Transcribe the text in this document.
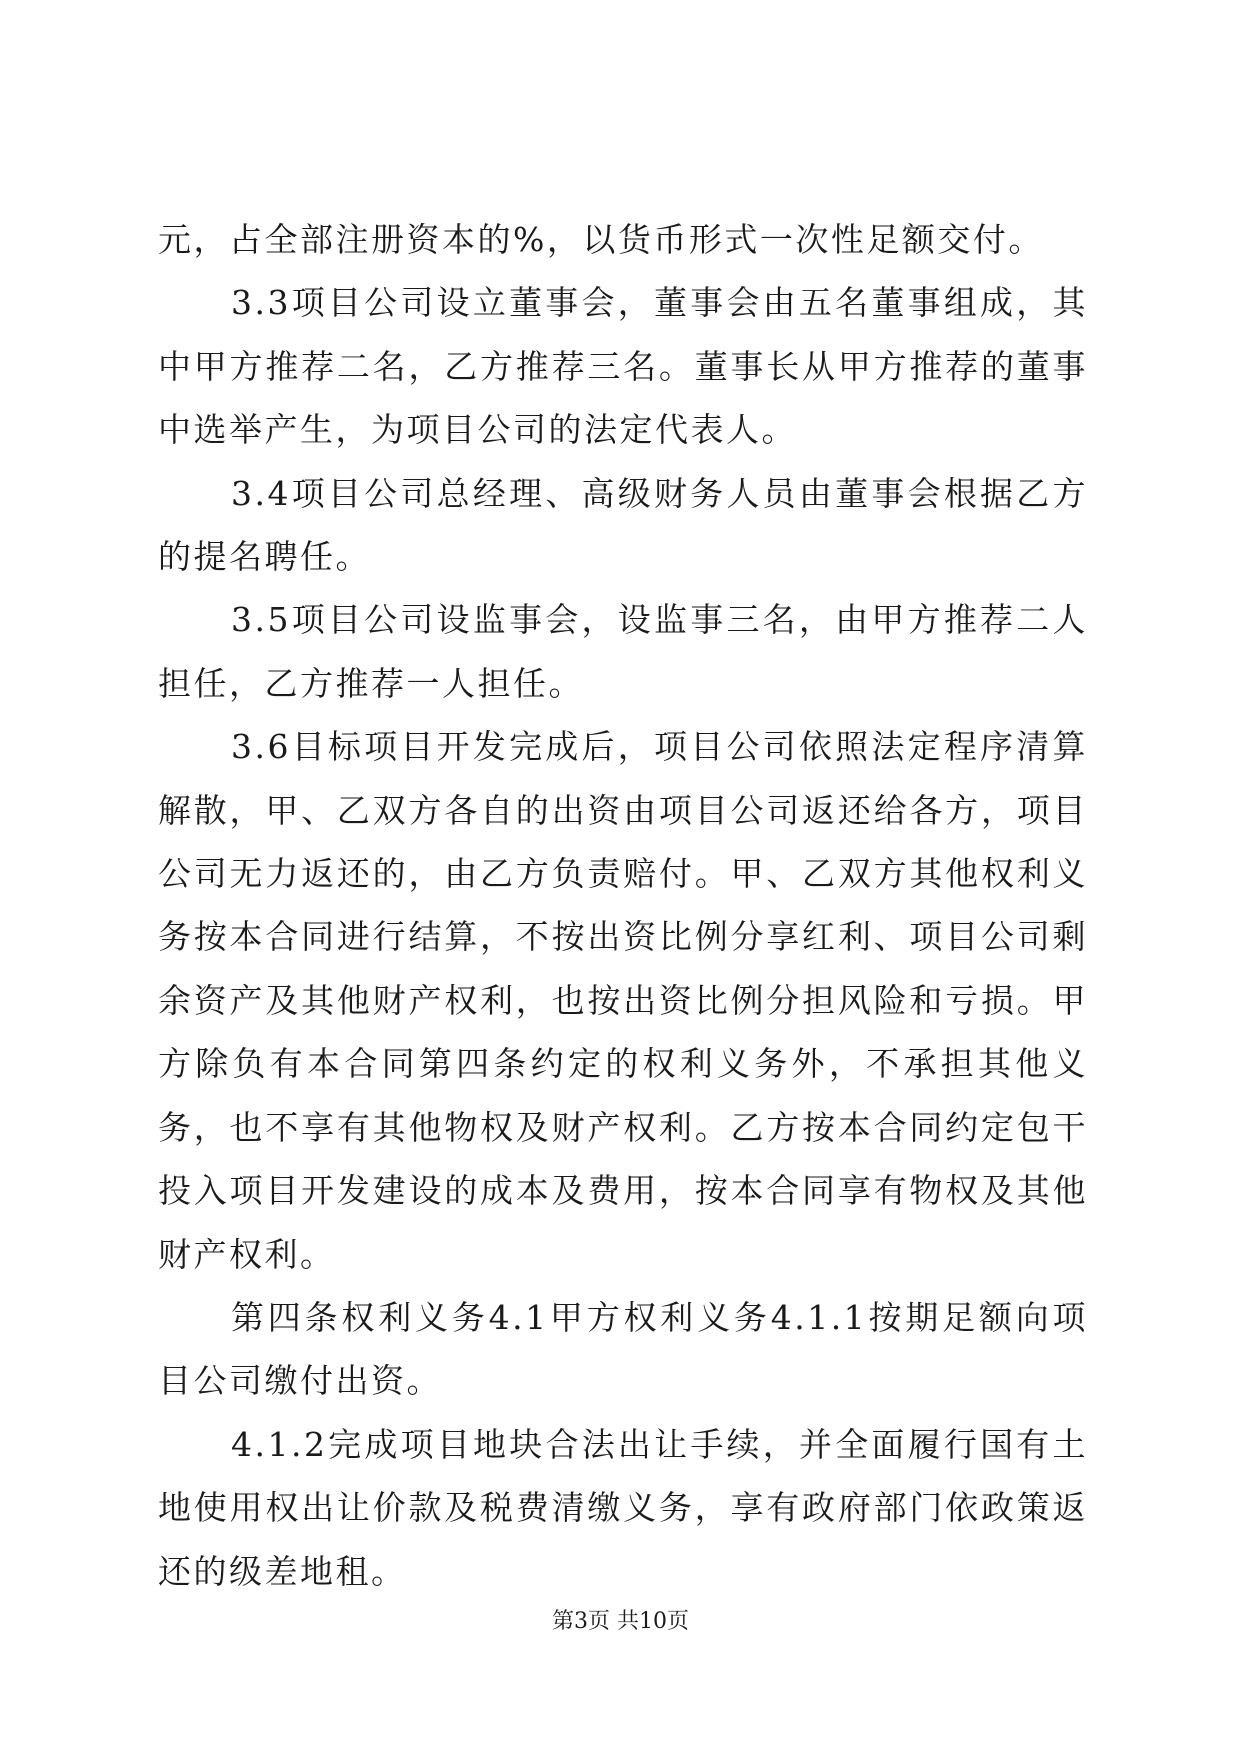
元，占全部注册资本的%，以货币形式一次性足额交付。

3.3项目公司设立董事会，董事会由五名董事组成，其中甲方推荐二名，乙方推荐三名。董事长从甲方推荐的董事中选举产生，为项目公司的法定代表人。

3.4项目公司总经理、高级财务人员由董事会根据乙方的提名聘任。

3.5项目公司设监事会，设监事三名，由甲方推荐二人担任，乙方推荐一人担任。

3.6目标项目开发完成后，项目公司依照法定程序清算解散，甲、乙双方各自的出资由项目公司返还给各方，项目公司无力返还的，由乙方负责赔付。甲、乙双方其他权利义务按本合同进行结算，不按出资比例分享红利、项目公司剩余资产及其他财产权利，也按出资比例分担风险和亏损。甲方除负有本合同第四条约定的权利义务外，不承担其他义务，也不享有其他物权及财产权利。乙方按本合同约定包干投入项目开发建设的成本及费用，按本合同享有物权及其他财产权利。

第四条权利义务4.1甲方权利义务4.1.1按期足额向项目公司缴付出资。

4.1.2完成项目地块合法出让手续，并全面履行国有土地使用权出让价款及税费清缴义务，享有政府部门依政策返还的级差地租。

第3页 共10页
